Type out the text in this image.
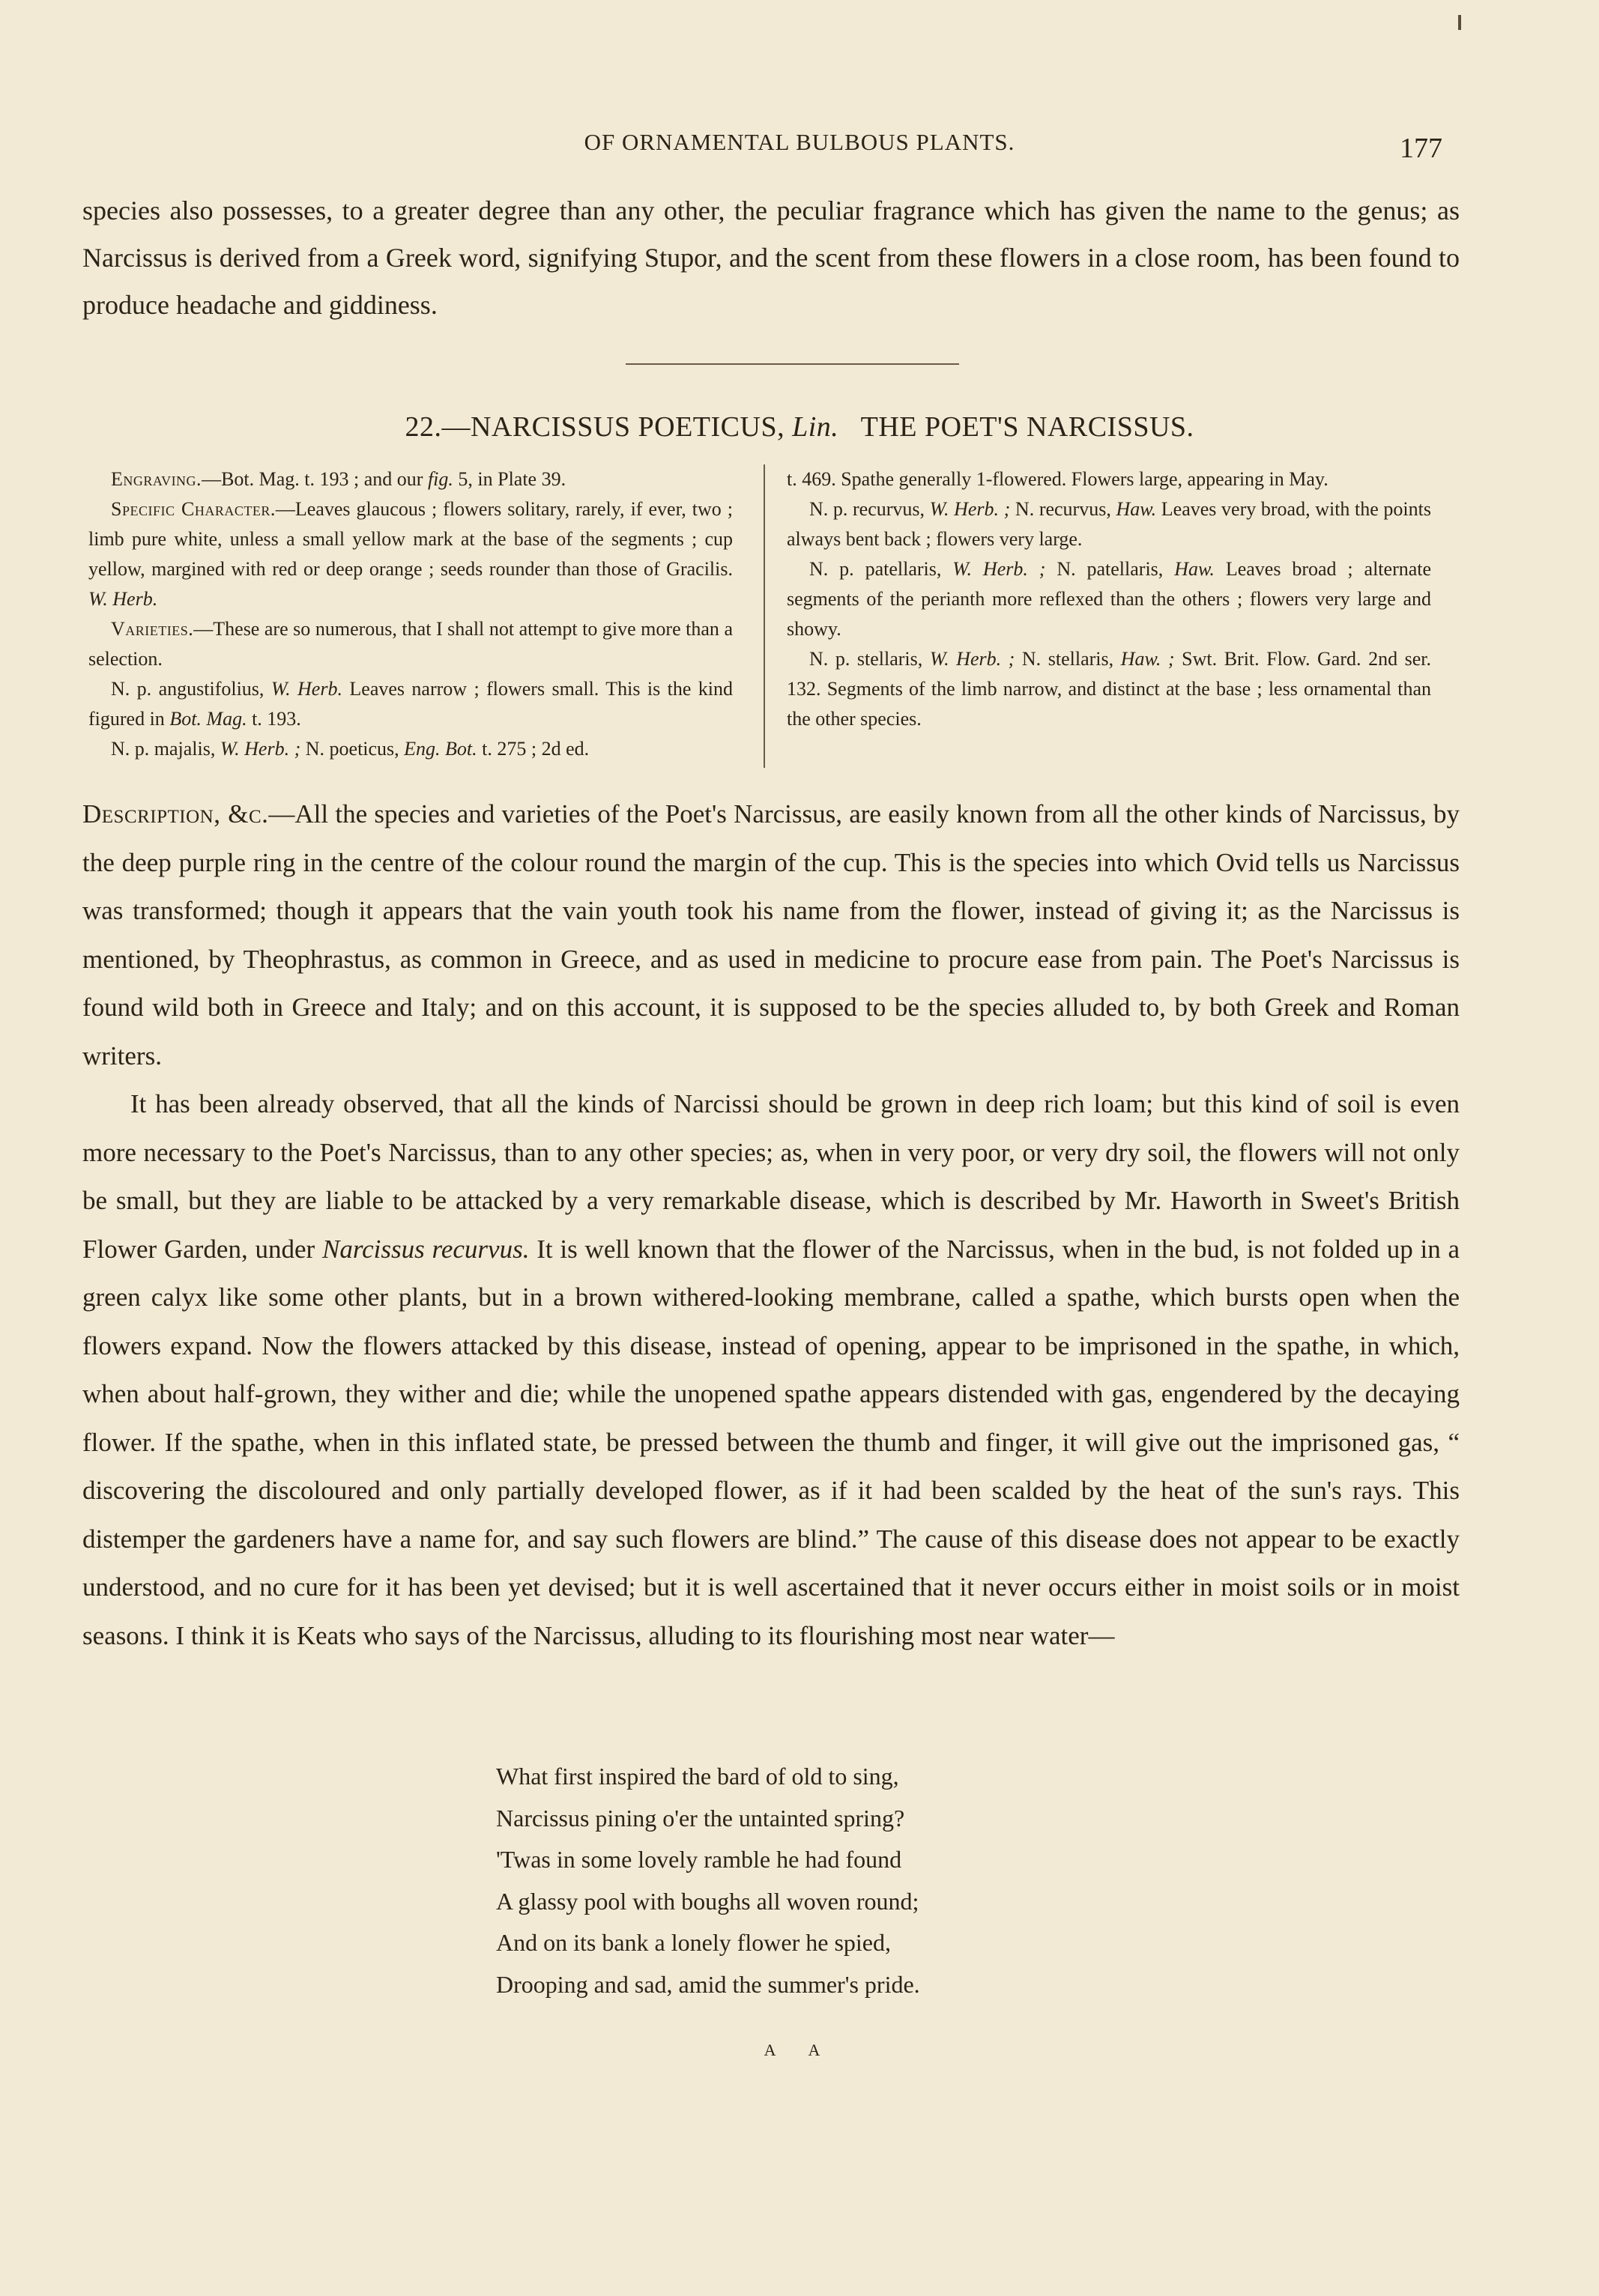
OF ORNAMENTAL BULBOUS PLANTS.	177
species also possesses, to a greater degree than any other, the peculiar fragrance which has given the name to the genus; as Narcissus is derived from a Greek word, signifying Stupor, and the scent from these flowers in a close room, has been found to produce headache and giddiness.
22.—NARCISSUS POETICUS, Lin. THE POET'S NARCISSUS.

Engraving.—Bot. Mag. t. 193 ; and our fig. 5, in Plate 39.

Specific Character.—Leaves glaucous ; flowers solitary, rarely, if ever, two ; limb pure white, unless a small yellow mark at the base of the segments ; cup yellow, margined with red or deep orange ; seeds rounder than those of Gracilis. W. Herb.

Varieties.—These are so numerous, that I shall not attempt to give more than a selection.

N. p. angustifolius, W. Herb. Leaves narrow ; flowers small. This is the kind figured in Bot. Mag. t. 193.

N. p. majalis, W. Herb. ; N. poeticus, Eng. Bot. t. 275 ; 2d ed.

t. 469. Spathe generally 1-flowered. Flowers large, appearing in May.

N. p. recurvus, W. Herb. ; N. recurvus, Haw. Leaves very broad, with the points always bent back ; flowers very large.

N. p. patellaris, W. Herb. ; N. patellaris, Haw. Leaves broad ; alternate segments of the perianth more reflexed than the others ; flowers very large and showy.

N. p. stellaris, W. Herb. ; N. stellaris, Haw. ; Swt. Brit. Flow. Gard. 2nd ser. 132. Segments of the limb narrow, and distinct at the base ; less ornamental than the other species.

Description, &c.—All the species and varieties of the Poet's Narcissus, are easily known from all the other kinds of Narcissus, by the deep purple ring in the centre of the colour round the margin of the cup. This is the species into which Ovid tells us Narcissus was transformed; though it appears that the vain youth took his name from the flower, instead of giving it; as the Narcissus is mentioned, by Theophrastus, as common in Greece, and as used in medicine to procure ease from pain. The Poet's Narcissus is found wild both in Greece and Italy; and on this account, it is supposed to be the species alluded to, by both Greek and Roman writers.

It has been already observed, that all the kinds of Narcissi should be grown in deep rich loam; but this kind of soil is even more necessary to the Poet's Narcissus, than to any other species; as, when in very poor, or very dry soil, the flowers will not only be small, but they are liable to be attacked by a very remarkable disease, which is described by Mr. Haworth in Sweet's British Flower Garden, under Narcissus recurvus. It is well known that the flower of the Narcissus, when in the bud, is not folded up in a green calyx like some other plants, but in a brown withered-looking membrane, called a spathe, which bursts open when the flowers expand. Now the flowers attacked by this disease, instead of opening, appear to be imprisoned in the spathe, in which, when about half-grown, they wither and die; while the unopened spathe appears distended with gas, engendered by the decaying flower. If the spathe, when in this inflated state, be pressed between the thumb and finger, it will give out the imprisoned gas, “ discovering the discoloured and only partially developed flower, as if it had been scalded by the heat of the sun's rays. This distemper the gardeners have a name for, and say such flowers are blind.” The cause of this disease does not appear to be exactly understood, and no cure for it has been yet devised; but it is well ascertained that it never occurs either in moist soils or in moist seasons. I think it is Keats who says of the Narcissus, alluding to its flourishing most near water—

What first inspired the bard of old to sing,
Narcissus pining o'er the untainted spring?
'Twas in some lovely ramble he had found
A glassy pool with boughs all woven round;
And on its bank a lonely flower he spied,
Drooping and sad, amid the summer's pride.
A A
